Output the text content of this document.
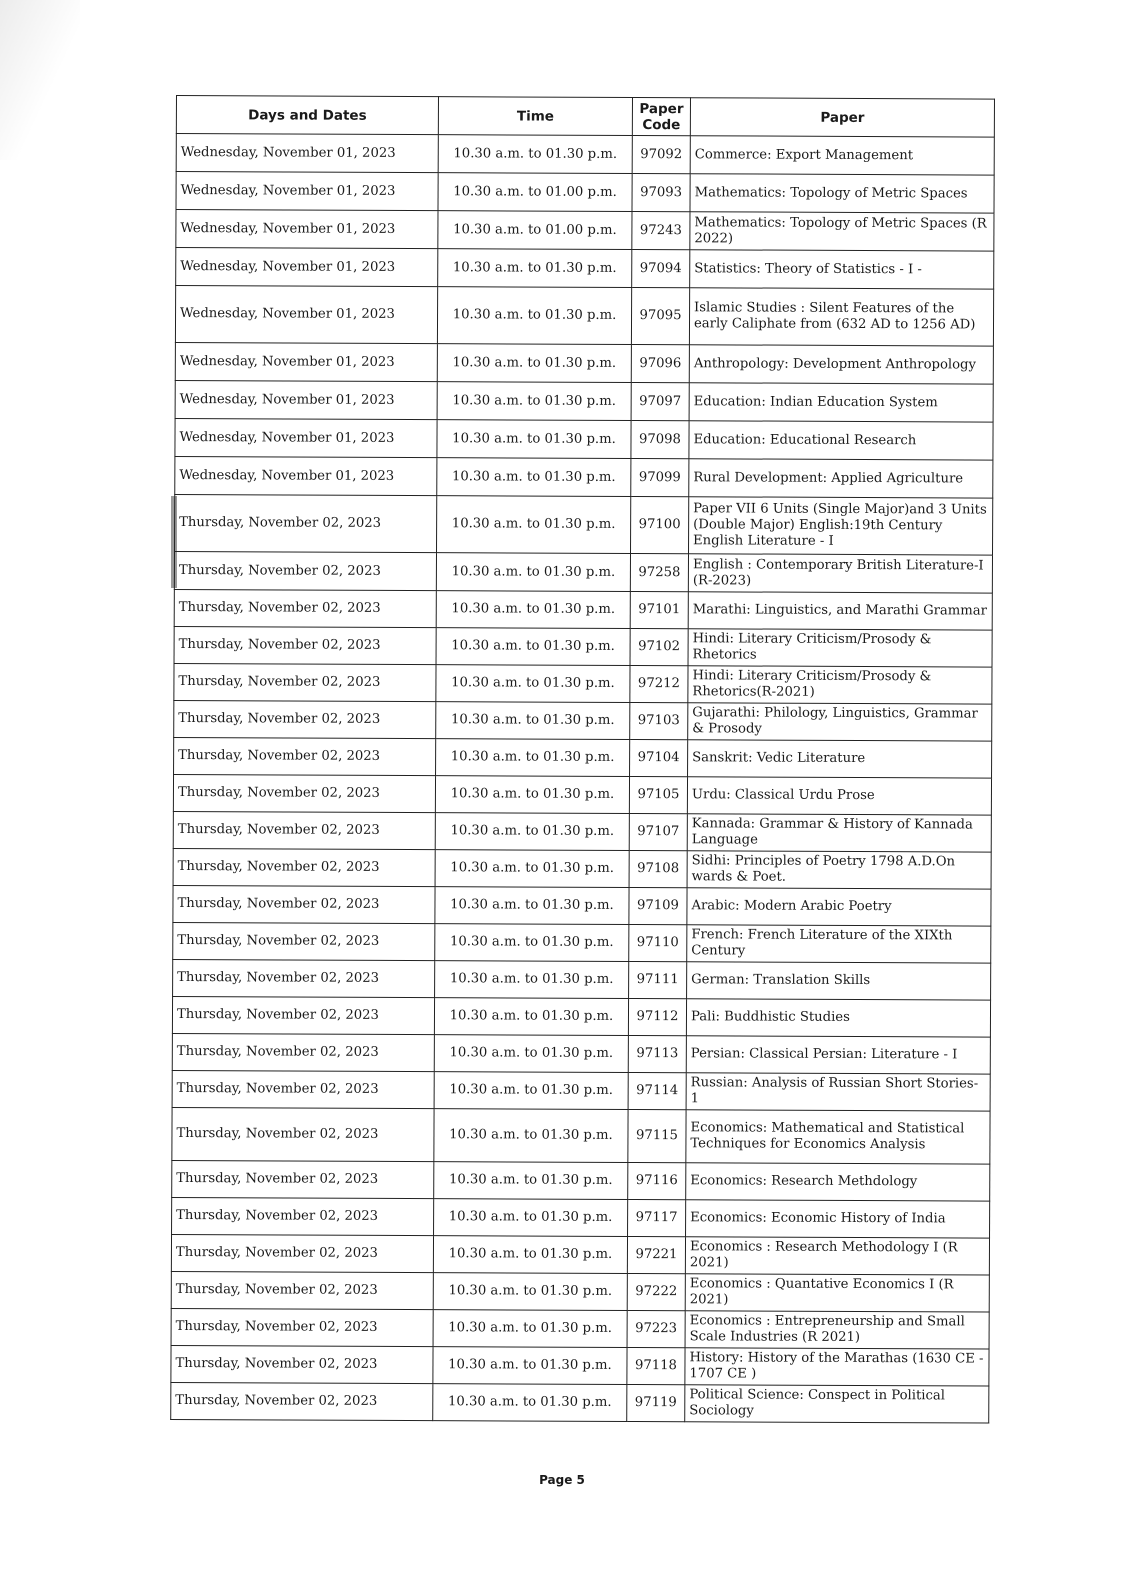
Days and Dates	Time	Paper Code	Paper
Wednesday, November 01, 2023	10.30 a.m. to 01.30 p.m.	97092	Commerce: Export Management
Wednesday, November 01, 2023	10.30 a.m. to 01.00 p.m.	97093	Mathematics: Topology of Metric Spaces
Wednesday, November 01, 2023	10.30 a.m. to 01.00 p.m.	97243	Mathematics: Topology of Metric Spaces (R 2022)
Wednesday, November 01, 2023	10.30 a.m. to 01.30 p.m.	97094	Statistics: Theory of Statistics - I -
Wednesday, November 01, 2023	10.30 a.m. to 01.30 p.m.	97095	Islamic Studies : Silent Features of the early Caliphate from (632 AD to 1256 AD)
Wednesday, November 01, 2023	10.30 a.m. to 01.30 p.m.	97096	Anthropology: Development Anthropology
Wednesday, November 01, 2023	10.30 a.m. to 01.30 p.m.	97097	Education: Indian Education System
Wednesday, November 01, 2023	10.30 a.m. to 01.30 p.m.	97098	Education: Educational Research
Wednesday, November 01, 2023	10.30 a.m. to 01.30 p.m.	97099	Rural Development: Applied Agriculture
Thursday, November 02, 2023	10.30 a.m. to 01.30 p.m.	97100	Paper VII 6 Units (Single Major)and 3 Units (Double Major) English:19th Century English Literature - I
Thursday, November 02, 2023	10.30 a.m. to 01.30 p.m.	97258	English : Contemporary British Literature-I (R-2023)
Thursday, November 02, 2023	10.30 a.m. to 01.30 p.m.	97101	Marathi: Linguistics, and Marathi Grammar
Thursday, November 02, 2023	10.30 a.m. to 01.30 p.m.	97102	Hindi: Literary Criticism/Prosody & Rhetorics
Thursday, November 02, 2023	10.30 a.m. to 01.30 p.m.	97212	Hindi: Literary Criticism/Prosody & Rhetorics(R-2021)
Thursday, November 02, 2023	10.30 a.m. to 01.30 p.m.	97103	Gujarathi: Philology, Linguistics, Grammar & Prosody
Thursday, November 02, 2023	10.30 a.m. to 01.30 p.m.	97104	Sanskrit: Vedic Literature
Thursday, November 02, 2023	10.30 a.m. to 01.30 p.m.	97105	Urdu: Classical Urdu Prose
Thursday, November 02, 2023	10.30 a.m. to 01.30 p.m.	97107	Kannada: Grammar & History of Kannada Language
Thursday, November 02, 2023	10.30 a.m. to 01.30 p.m.	97108	Sidhi: Principles of Poetry 1798 A.D.On wards & Poet.
Thursday, November 02, 2023	10.30 a.m. to 01.30 p.m.	97109	Arabic: Modern Arabic Poetry
Thursday, November 02, 2023	10.30 a.m. to 01.30 p.m.	97110	French: French Literature of the XIXth Century
Thursday, November 02, 2023	10.30 a.m. to 01.30 p.m.	97111	German: Translation Skills
Thursday, November 02, 2023	10.30 a.m. to 01.30 p.m.	97112	Pali: Buddhistic Studies
Thursday, November 02, 2023	10.30 a.m. to 01.30 p.m.	97113	Persian: Classical Persian: Literature - I
Thursday, November 02, 2023	10.30 a.m. to 01.30 p.m.	97114	Russian: Analysis of Russian Short Stories-1
Thursday, November 02, 2023	10.30 a.m. to 01.30 p.m.	97115	Economics: Mathematical and Statistical Techniques for Economics Analysis
Thursday, November 02, 2023	10.30 a.m. to 01.30 p.m.	97116	Economics: Research Methdology
Thursday, November 02, 2023	10.30 a.m. to 01.30 p.m.	97117	Economics: Economic History of India
Thursday, November 02, 2023	10.30 a.m. to 01.30 p.m.	97221	Economics : Research Methodology I (R 2021)
Thursday, November 02, 2023	10.30 a.m. to 01.30 p.m.	97222	Economics : Quantative Economics I (R 2021)
Thursday, November 02, 2023	10.30 a.m. to 01.30 p.m.	97223	Economics : Entrepreneurship and Small Scale Industries (R 2021)
Thursday, November 02, 2023	10.30 a.m. to 01.30 p.m.	97118	History: History of the Marathas (1630 CE - 1707 CE )
Thursday, November 02, 2023	10.30 a.m. to 01.30 p.m.	97119	Political Science: Conspect in Political Sociology
Page 5
